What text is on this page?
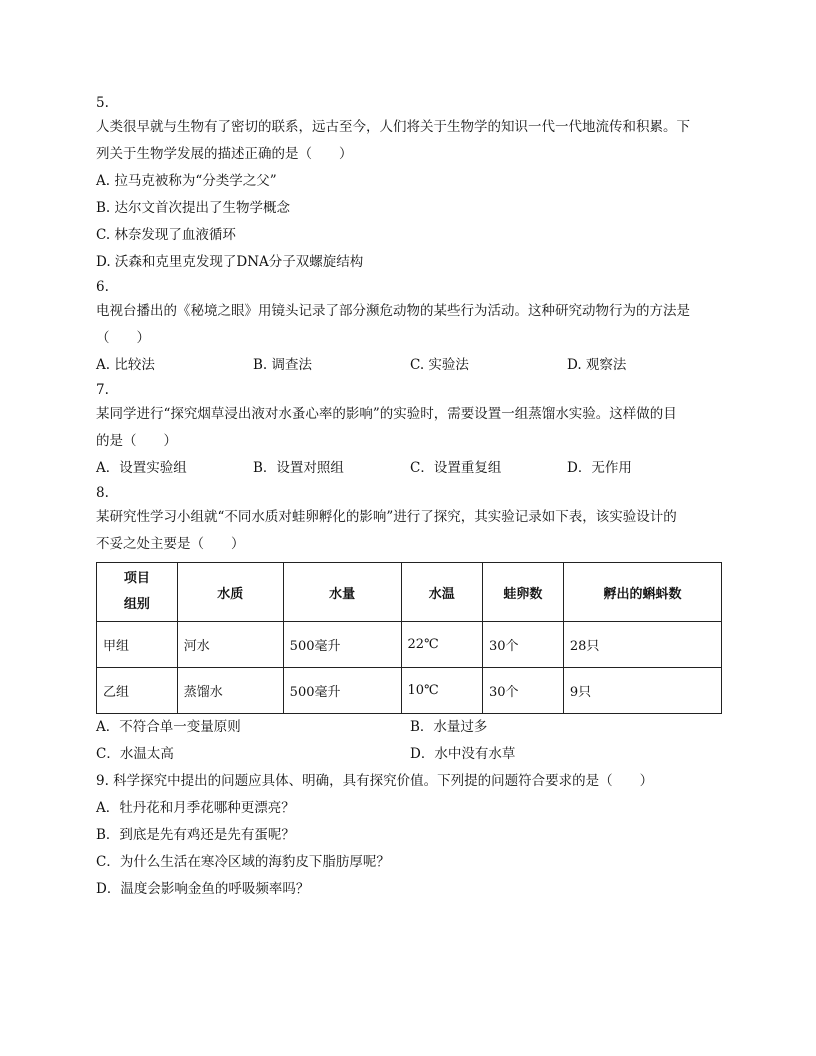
5.
人类很早就与生物有了密切的联系，远古至今，人们将关于生物学的知识一代一代地流传和积累。下
列关于生物学发展的描述正确的是（　　）
A. 拉马克被称为“分类学之父”
B. 达尔文首次提出了生物学概念
C. 林奈发现了血液循环
D. 沃森和克里克发现了DNA分子双螺旋结构
6.
电视台播出的《秘境之眼》用镜头记录了部分濒危动物的某些行为活动。这种研究动物行为的方法是
（　　）
A. 比较法	B. 调查法	C. 实验法	D. 观察法
7.
某同学进行“探究烟草浸出液对水蚤心率的影响”的实验时，需要设置一组蒸馏水实验。这样做的目
的是（　　）
A．设置实验组	B．设置对照组	C．设置重复组	D．无作用
8.
某研究性学习小组就“不同水质对蛙卵孵化的影响”进行了探究，其实验记录如下表，该实验设计的
不妥之处主要是（　　）
项目
组别	水质	水量	水温	蛙卵数	孵出的蝌蚪数
甲组	河水	500毫升	22℃	30个	28只
乙组	蒸馏水	500毫升	10℃	30个	9只
A．不符合单一变量原则	B．水量过多
C．水温太高	D．水中没有水草
9. 科学探究中提出的问题应具体、明确，具有探究价值。下列提的问题符合要求的是（　　）
A．牡丹花和月季花哪种更漂亮？
B．到底是先有鸡还是先有蛋呢？
C．为什么生活在寒冷区域的海豹皮下脂肪厚呢？
D．温度会影响金鱼的呼吸频率吗？
